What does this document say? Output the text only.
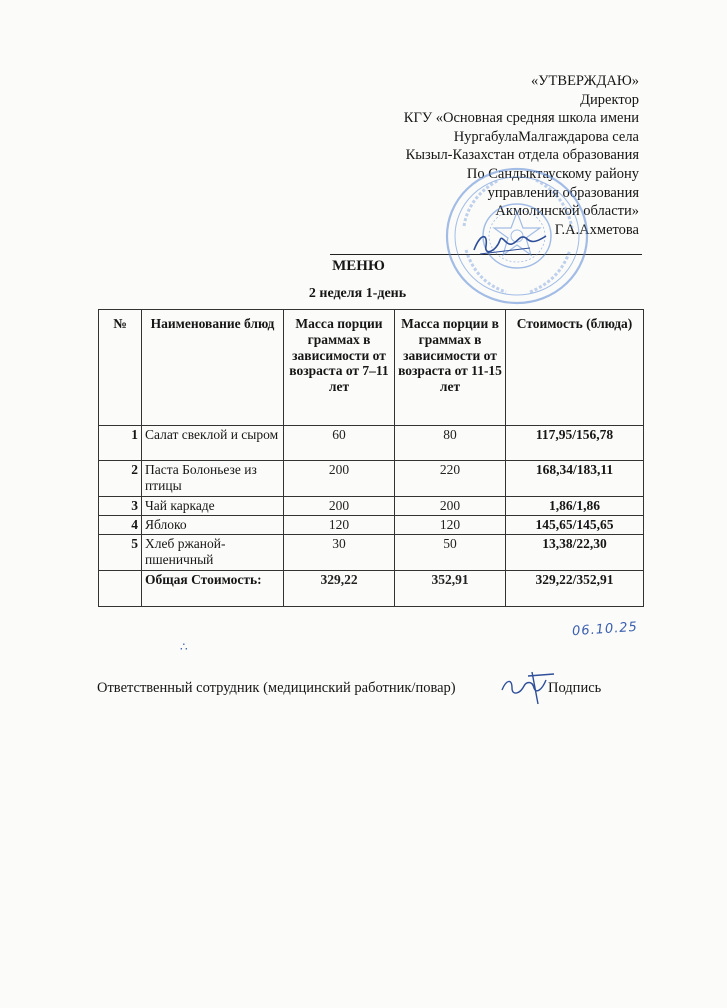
«УТВЕРЖДАЮ»
Директор
КГУ «Основная средняя школа имени
НургабулаМалгаждарова села
Кызыл-Казахстан отдела образования
По Сандыктаускому району
управления образования
Акмолинской области»
Г.А.Ахметова
МЕНЮ
2 неделя 1-день
№	Наименование блюд	Масса порции граммах в зависимости от возраста от 7–11 лет	Масса порции в граммах в зависимости от возраста от 11-15 лет	Стоимость (блюда)
1	Салат свеклой и сыром	60	80	117,95/156,78
2	Паста Болоньезе из птицы	200	220	168,34/183,11
3	Чай каркаде	200	200	1,86/1,86
4	Яблоко	120	120	145,65/145,65
5	Хлеб ржаной-пшеничный	30	50	13,38/22,30
	Общая Стоимость:	329,22	352,91	329,22/352,91
∴
06.10.25
Ответственный сотрудник (медицинский работник/повар)	Подпись
